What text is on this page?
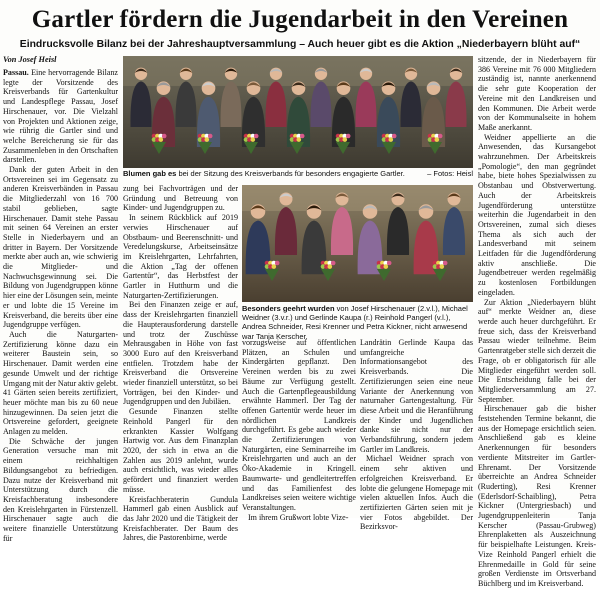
Gartler fördern die Jugendarbeit in den Vereinen
Eindrucksvolle Bilanz bei der Jahreshauptversammlung – Auch heuer gibt es die Aktion „Niederbayern blüht auf“
Von Josef Heisl

Passau. Eine hervorragende Bilanz legte der Vorsitzende des Kreisverbands für Gartenkultur und Landespflege Passau, Josef Hirschenauer, vor. Die Vielzahl von Projekten und Aktionen zeige, wie rührig die Gartler sind und welche Bereicherung sie für das Zusammenleben in den Ortschaften darstellen.

Dank der guten Arbeit in den Ortsvereinen sei im Gegensatz zu anderen Kreisverbänden in Passau die Mitgliederzahl von 16 700 stabil geblieben, sagte Hirschenauer. Damit stehe Passau mit seinen 64 Vereinen an erster Stelle in Niederbayern und an dritter in Bayern. Der Vorsitzende merkte aber auch an, wie schwierig die Mitglieder- und Nachwuchsgewinnung sei. Die Bildung von Jugendgruppen könne hier eine der Lösungen sein, meinte er und lobte die 15 Vereine im Kreisverband, die bereits über eine Jugendgruppe verfügen.

Auch die Naturgarten-Zertifizierung könne dazu ein weiterer Baustein sein, so Hirschenauer. Damit werden eine gesunde Umwelt und der richtige Umgang mit der Natur aktiv gelebt. 41 Gärten seien bereits zertifiziert, heuer möchte man bis zu 60 neue hinzugewinnen. Da seien jetzt die Ortsvereine gefordert, geeignete Anlagen zu melden.

Die Schwäche der jungen Generation versuche man mit einem reichhaltigen Bildungsangebot zu befriedigen. Dazu nutze der Kreisverband mit Unterstützung durch die Kreisfachberatung insbesondere den Kreislehrgarten in Fürstenzell. Hirschenauer sagte auch die weitere finanzielle Unterstützung für

Blumen gab es bei der Sitzung des Kreisverbands für besonders engagierte Gartler.	– Fotos: Heisl

zung bei Fachvorträgen und der Gründung und Betreuung von Kinder- und Jugendgruppen zu.

In seinem Rückblick auf 2019 verwies Hirschenauer auf Obstbaum- und Beerenschnitt- und Veredelungskurse, Arbeitseinsätze im Kreislehrgarten, Lehrfahrten, die Aktion „Tag der offenen Gartentür“, das Herbstfest der Gartler in Hutthurm und die Naturgarten-Zertifizierungen.

Bei den Finanzen zeige er auf, dass der Kreislehrgarten finanziell die Haupterausforderung darstelle und trotz der Zuschüsse Mehrausgaben in Höhe von fast 3000 Euro auf den Kreisverband entfielen. Trotzdem habe der Kreisverband die Ortsvereine wieder finanziell unterstützt, so bei Vorträgen, bei den Kinder- und Jugendgruppen und den Jubiläen.

Gesunde Finanzen stellte Reinhold Pangerl für den erkrankten Kassier Wolfgang Hartwig vor. Aus dem Finanzplan 2020, der sich in etwa an die Zahlen aus 2019 anlehnt, wurde auch ersichtlich, was wieder alles gefördert und finanziert werden müsse.

Kreisfachberaterin Gundula Hammerl gab einen Ausblick auf das Jahr 2020 und die Tätigkeit der Kreisfachberater. Der Baum des Jahres, die Pastorenbirne, werde

Besonders geehrt wurden von Josef Hirschenauer (2.v.l.), Michael Weidner (3.v.r.) und Gerlinde Kaupa (r.) Reinhold Pangerl (v.l.), Andrea Schneider, Resi Krenner und Petra Kickner, nicht anwesend war Tanja Kerscher.

vorzugsweise auf öffentlichen Plätzen, an Schulen und Kindergärten gepflanzt. Den Vereinen werden bis zu zwei Bäume zur Verfügung gestellt. Auch die Gartenpflegeausbildung erwähnte Hammerl. Der Tag der offenen Gartentür werde heuer im nördlichen Landkreis durchgeführt. Es gebe auch wieder die Zertifizierungen von Naturgärten, eine Seminarreihe im Kreislehrgarten und auch an der Öko-Akademie in Kringell. Baumwarte- und gendleitertreffen und das Familienfest des Landkreises seien weitere wichtige Veranstaltungen.

Im ihrem Grußwort lobte Vize-

Landrätin Gerlinde Kaupa das umfangreiche Informationsangebot des Kreisverbands. Die Zertifizierungen seien eine neue Variante der Anerkennung von naturnaher Gartengestaltung. Für diese Arbeit und die Heranführung der Kinder und Jugendlichen danke sie nicht nur der Verbandsführung, sondern jedem Gartler im Landkreis.

Michael Weidner sprach von einem sehr aktiven und erfolgreichen Kreisverband. Er lobte die gelungene Homepage mit vielen aktuellen Infos. Auch die zertifizierten Gärten seien mit je vier Fotos abgebildet. Der Bezirksvor-

sitzende, der in Niederbayern für 386 Vereine mit 76 000 Mitgliedern zuständig ist, nannte anerkennend die sehr gute Kooperation der Vereine mit den Landkreisen und den Kommunen. Die Arbeit werde von der Kommunalseite in hohem Maße anerkannt.

Weidner appellierte an die Anwesenden, das Kursangebot wahrzunehmen. Der Arbeitskreis „Pomologie“, den man gegründet habe, biete hohes Spezialwissen zu Obstanbau und Obstverwertung. Auch der Arbeitskreis Jugendförderung unterstütze weiterhin die Jugendarbeit in den Ortsvereinen, zumal sich dieses Thema als sich auch der Landesverband mit seinem Leitfaden für die Jugendförderung aktiv anschließe. Die Jugendbetreuer werden regelmäßig zu kostenlosen Fortbildungen eingeladen.

Zur Aktion „Niederbayern blüht auf“ merkte Weidner an, diese werde auch heuer durchgeführt. Er freue sich, dass der Kreisverband Passau wieder teilnehme. Beim Gartenratgeber stelle sich derzeit die Frage, ob er obligatorisch für alle Mitglieder eingeführt werden soll. Die Entscheidung falle bei der Mitgliederversammlung am 27. September.

Hirschenauer gab die bisher feststehenden Termine bekannt, die aus der Homepage ersichtlich seien. Anschließend gab es kleine Anerkennungen für besonders verdiente Mitstreiter im Gartler-Ehrenamt. Der Vorsitzende überreichte an Andrea Schneider (Ruderting), Resi Krenner (Ederlsdorf-Schaibling), Petra Kickner (Untergriesbach) und Jugendgruppenleiterin Tanja Kerscher (Passau-Grubweg) Ehrenplaketten als Auszeichnung für beispielhafte Leistungen. Kreis-Vize Reinhold Pangerl erhielt die Ehrenmedaille in Gold für seine großen Verdienste im Ortsverband Büchlberg und im Kreisverband.
